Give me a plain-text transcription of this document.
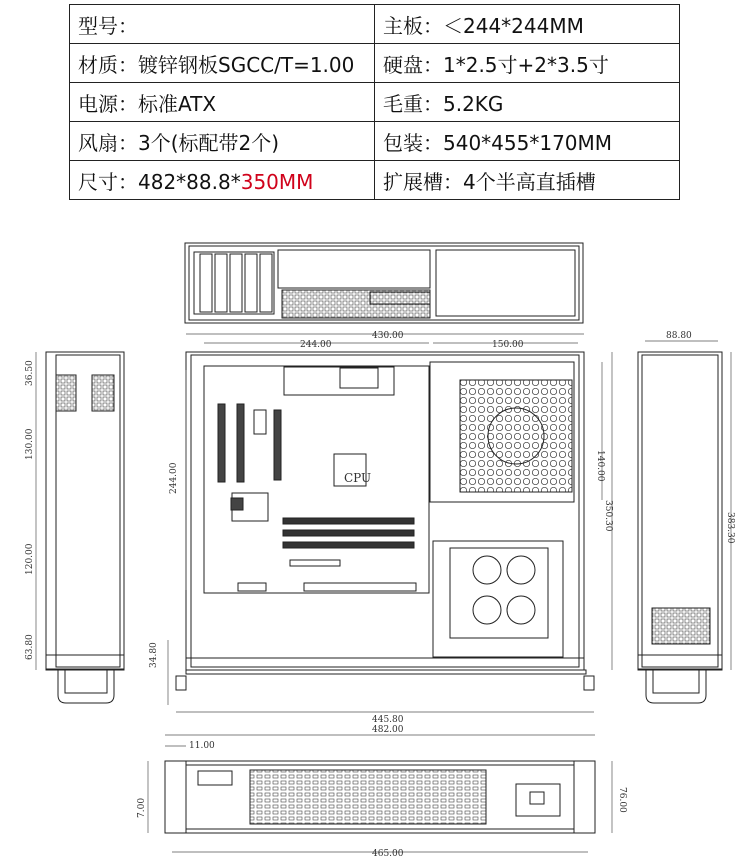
型号：	主板：＜244*244MM
材质：镀锌钢板SGCC/T=1.00	硬盘：1*2.5寸+2*3.5寸
电源：标准ATX	毛重：5.2KG
风扇：3个(标配带2个)	包装：540*455*170MM
尺寸：482*88.8*350MM	扩展槽：4个半高直插槽
430.00
244.00	150.00
244.00	140.00
350.30
CPU
36.50
130.00
120.00
63.80
88.80
383.30
34.80
445.80
482.00
11.00
7.00	76.00
465.00
